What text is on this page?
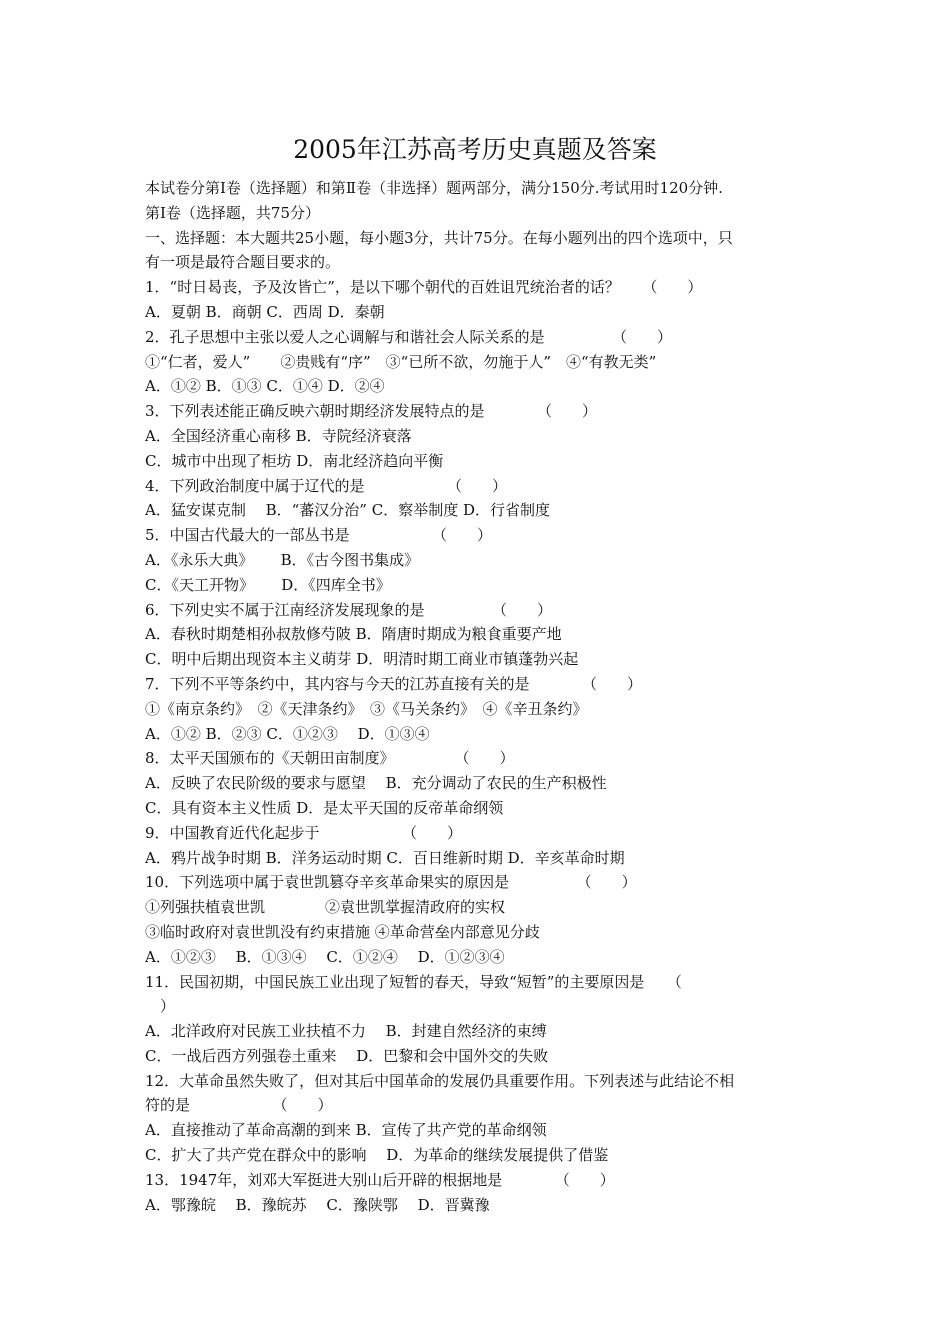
2005年江苏高考历史真题及答案
本试卷分第Ⅰ卷（选择题）和第Ⅱ卷（非选择）题两部分，满分150分.考试用时120分钟.
第Ⅰ卷（选择题，共75分）
一、选择题：本大题共25小题，每小题3分，共计75分。在每小题列出的四个选项中，只
有一项是最符合题目要求的。
1．“时日曷丧，予及汝皆亡”，是以下哪个朝代的百姓诅咒统治者的话？　　（　　）
A．夏朝 B．商朝 C．西周 D．秦朝
2．孔子思想中主张以爱人之心调解与和谐社会人际关系的是　　　　　（　　）
①“仁者，爱人”　　②贵贱有“序”　③“已所不欲，勿施于人”　④“有教无类”
A．①② B．①③ C．①④ D．②④
3．下列表述能正确反映六朝时期经济发展特点的是　　　　（　　）
A．全国经济重心南移 B．寺院经济衰落
C．城市中出现了柜坊 D．南北经济趋向平衡
4．下列政治制度中属于辽代的是　　　　　　（　　）
A．猛安谋克制　 B．“蕃汉分治” C．察举制度 D．行省制度
5．中国古代最大的一部丛书是　　　　　　（　　）
A．《永乐大典》　　 B．《古今图书集成》
C．《天工开物》　　 D．《四库全书》
6．下列史实不属于江南经济发展现象的是　　　　　（　　）
A．春秋时期楚相孙叔敖修芍陂 B．隋唐时期成为粮食重要产地
C．明中后期出现资本主义萌芽 D．明清时期工商业市镇蓬勃兴起
7．下列不平等条约中，其内容与今天的江苏直接有关的是　　　　（　　）
①《南京条约》　②《天津条约》　③《马关条约》　④《辛丑条约》
A．①② B．②③ C．①②③　 D．①③④
8．太平天国颁布的《天朝田亩制度》　　　　　（　　）
A．反映了农民阶级的要求与愿望　 B．充分调动了农民的生产积极性
C．具有资本主义性质 D．是太平天国的反帝革命纲领
9．中国教育近代化起步于　　　　　　（　　）
A．鸦片战争时期 B．洋务运动时期 C．百日维新时期 D．辛亥革命时期
10．下列选项中属于袁世凯篡夺辛亥革命果实的原因是　　　　　（　　）
①列强扶植袁世凯　　　　②袁世凯掌握清政府的实权
③临时政府对袁世凯没有约束措施 ④革命营垒内部意见分歧
A．①②③　 B．①③④　 C．①②④　 D．①②③④
11．民国初期，中国民族工业出现了短暂的春天，导致“短暂”的主要原因是　　（
　）
A．北洋政府对民族工业扶植不力　 B．封建自然经济的束缚
C．一战后西方列强卷土重来　 D．巴黎和会中国外交的失败
12．大革命虽然失败了，但对其后中国革命的发展仍具重要作用。下列表述与此结论不相
符的是　　　　　　（　　）
A．直接推动了革命高潮的到来 B．宣传了共产党的革命纲领
C．扩大了共产党在群众中的影响　 D．为革命的继续发展提供了借鉴
13．1947年，刘邓大军挺进大别山后开辟的根据地是　　　　（　　）
A．鄂豫皖　 B．豫皖苏　 C．豫陕鄂　 D．晋冀豫
